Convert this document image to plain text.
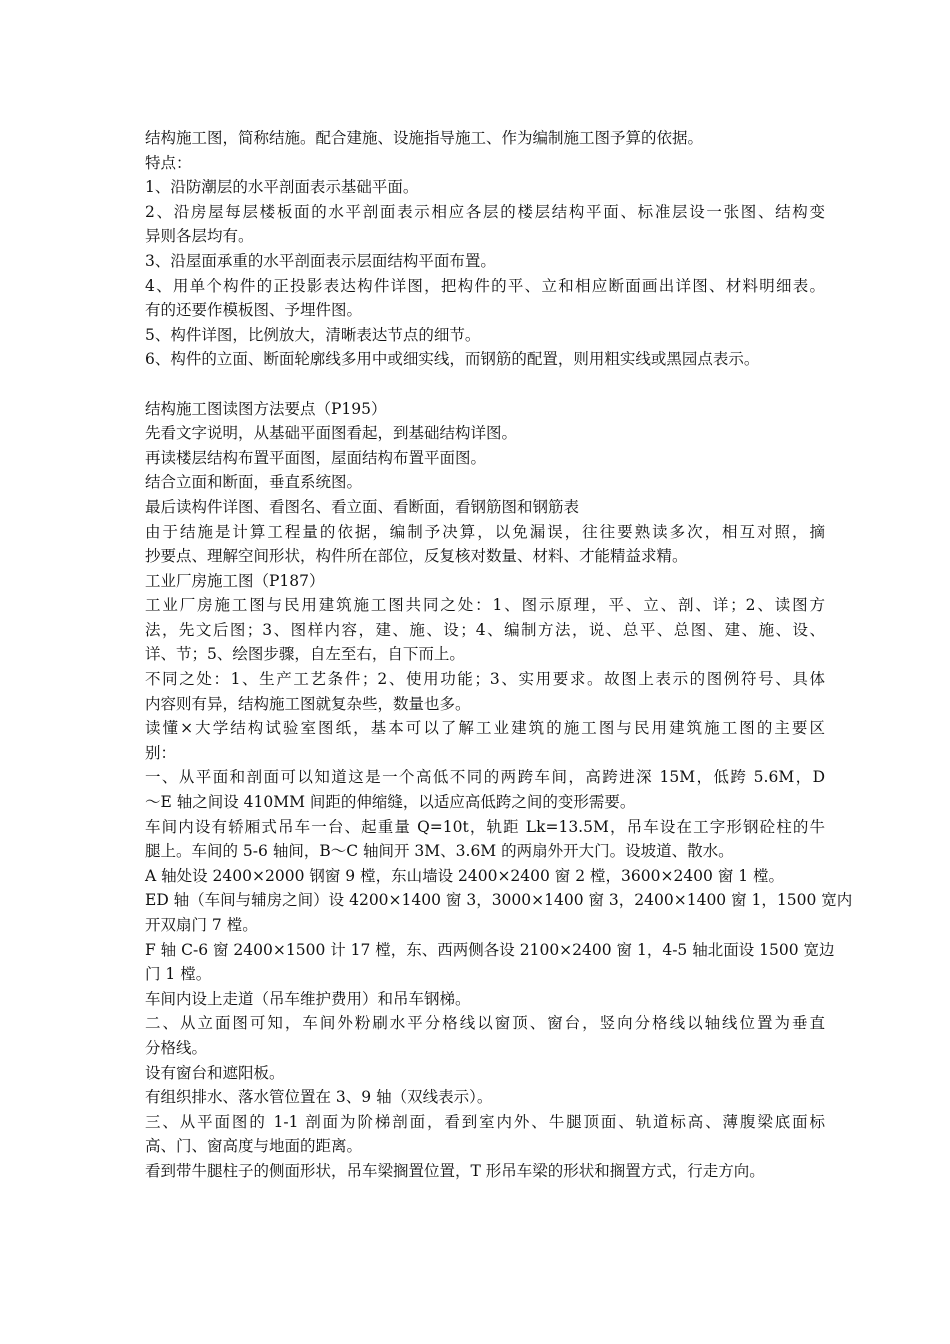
结构施工图，简称结施。配合建施、设施指导施工、作为编制施工图予算的依据。
特点：
1、沿防潮层的水平剖面表示基础平面。
2、沿房屋每层楼板面的水平剖面表示相应各层的楼层结构平面、标准层设一张图、结构变
异则各层均有。
3、沿屋面承重的水平剖面表示层面结构平面布置。
4、用单个构件的正投影表达构件详图，把构件的平、立和相应断面画出详图、材料明细表。
有的还要作模板图、予埋件图。
5、构件详图，比例放大，清晰表达节点的细节。
6、构件的立面、断面轮廓线多用中或细实线，而钢筋的配置，则用粗实线或黑园点表示。
结构施工图读图方法要点（P195）
先看文字说明，从基础平面图看起，到基础结构详图。
再读楼层结构布置平面图，屋面结构布置平面图。
结合立面和断面，垂直系统图。
最后读构件详图、看图名、看立面、看断面，看钢筋图和钢筋表
由于结施是计算工程量的依据，编制予决算，以免漏误，往往要熟读多次，相互对照，摘
抄要点、理解空间形状，构件所在部位，反复核对数量、材料、才能精益求精。
工业厂房施工图（P187）
工业厂房施工图与民用建筑施工图共同之处：1、图示原理，平、立、剖、详；2、读图方
法，先文后图；3、图样内容，建、施、设；4、编制方法，说、总平、总图、建、施、设、
详、节；5、绘图步骤，自左至右，自下而上。
不同之处：1、生产工艺条件；2、使用功能；3、实用要求。故图上表示的图例符号、具体
内容则有异，结构施工图就复杂些，数量也多。
读懂×大学结构试验室图纸，基本可以了解工业建筑的施工图与民用建筑施工图的主要区
别：
一、从平面和剖面可以知道这是一个高低不同的两跨车间，高跨进深 15M，低跨 5.6M，D
～E 轴之间设 410MM 间距的伸缩缝，以适应高低跨之间的变形需要。
车间内设有轿厢式吊车一台、起重量 Q=10t，轨距 Lk=13.5M，吊车设在工字形钢砼柱的牛
腿上。车间的 5-6 轴间，B～C 轴间开 3M、3.6M 的两扇外开大门。设坡道、散水。
A 轴处设 2400×2000 钢窗 9 樘，东山墙设 2400×2400 窗 2 樘，3600×2400 窗 1 樘。
ED 轴（车间与辅房之间）设 4200×1400 窗 3，3000×1400 窗 3，2400×1400 窗 1，1500 宽内
开双扇门 7 樘。
F 轴 C-6 窗 2400×1500 计 17 樘，东、西两侧各设 2100×2400 窗 1，4-5 轴北面设 1500 宽边
门 1 樘。
车间内设上走道（吊车维护费用）和吊车钢梯。
二、从立面图可知，车间外粉刷水平分格线以窗顶、窗台，竖向分格线以轴线位置为垂直
分格线。
设有窗台和遮阳板。
有组织排水、落水管位置在 3、9 轴（双线表示）。
三、从平面图的 1-1 剖面为阶梯剖面，看到室内外、牛腿顶面、轨道标高、薄腹梁底面标
高、门、窗高度与地面的距离。
看到带牛腿柱子的侧面形状，吊车梁搁置位置，T 形吊车梁的形状和搁置方式，行走方向。
